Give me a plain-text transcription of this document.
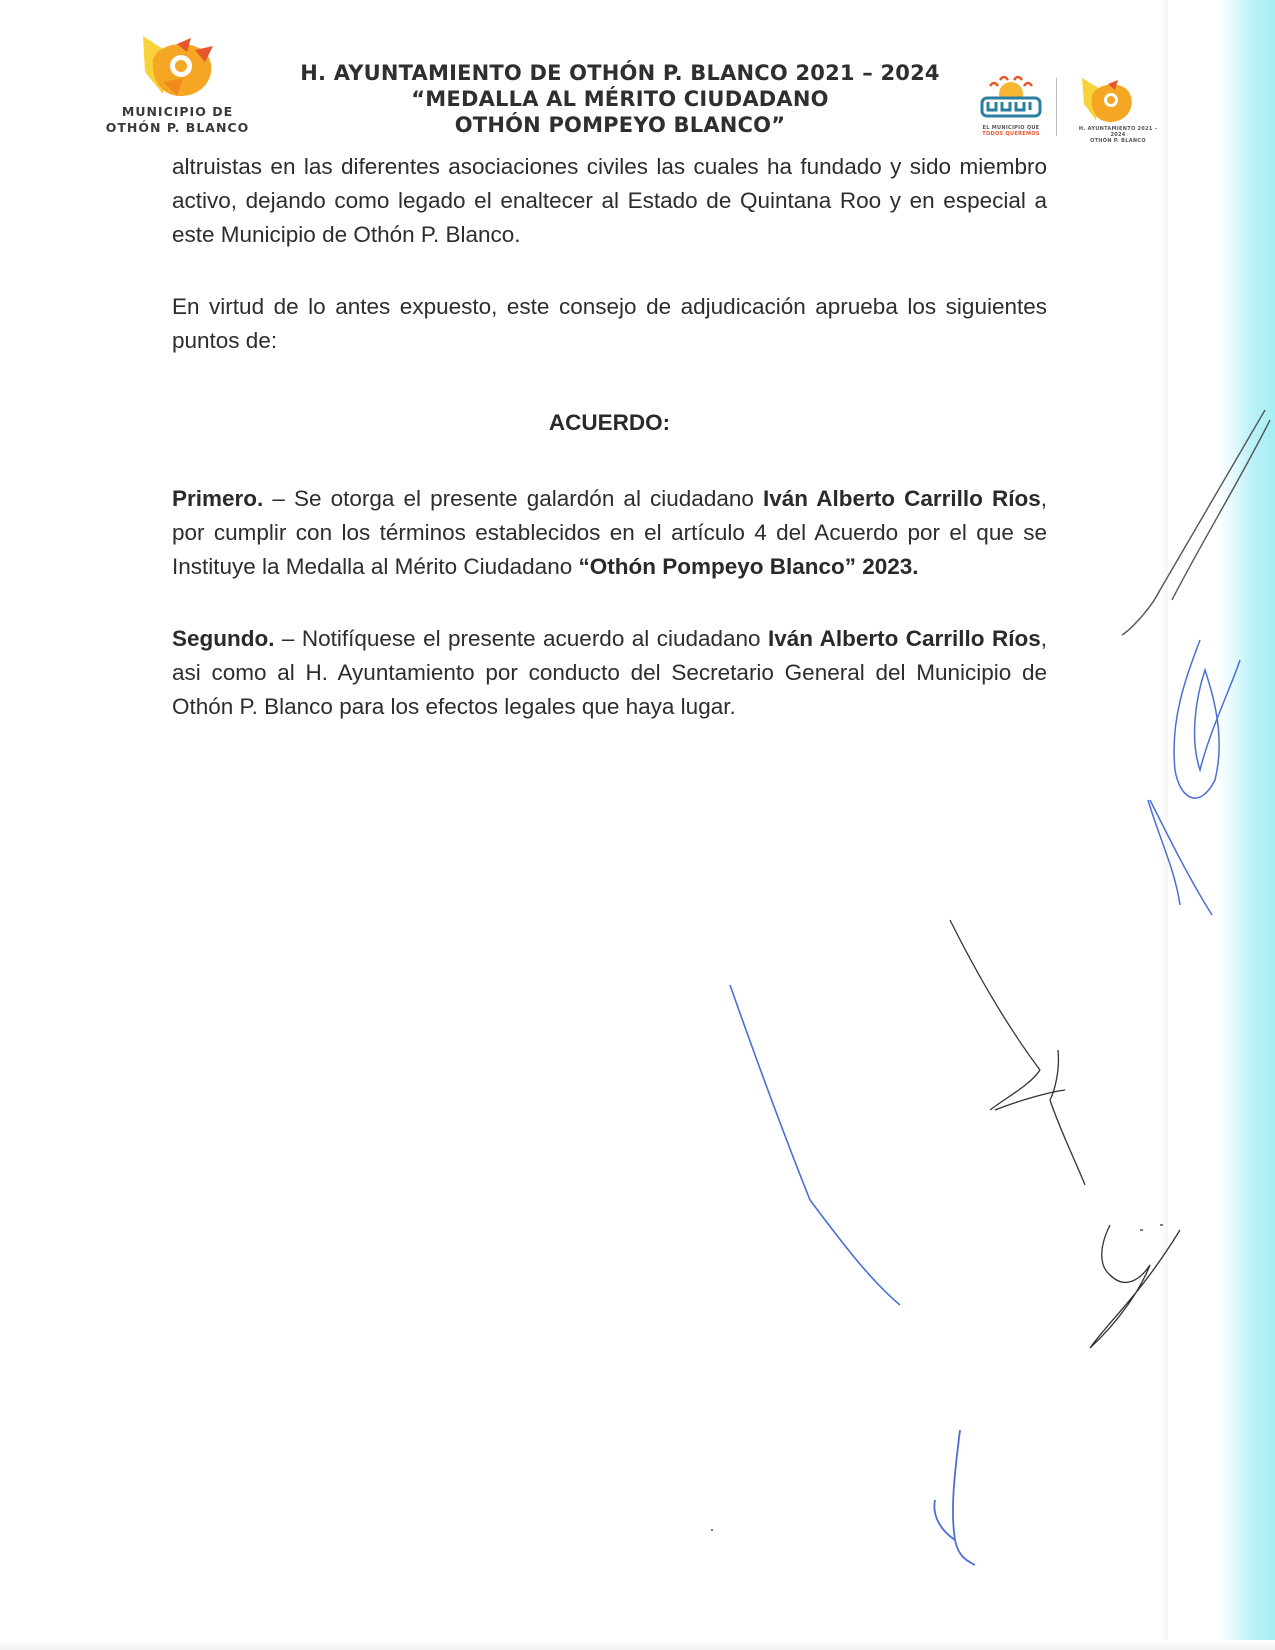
MUNICIPIO DE
OTHÓN P. BLANCO
H. AYUNTAMIENTO DE OTHÓN P. BLANCO 2021 – 2024
“MEDALLA AL MÉRITO CIUDADANO
OTHÓN POMPEYO BLANCO”	EL MUNICIPIO QUE
TODOS QUEREMOS
H. AYUNTAMIENTO 2021 - 2024
OTHÓN P. BLANCO

altruistas en las diferentes asociaciones civiles las cuales ha fundado y sido miembro activo, dejando como legado el enaltecer al Estado de Quintana Roo y en especial a este Municipio de Othón P. Blanco.

En virtud de lo antes expuesto, este consejo de adjudicación aprueba los siguientes puntos de:

ACUERDO:

Primero. – Se otorga el presente galardón al ciudadano Iván Alberto Carrillo Ríos, por cumplir con los términos establecidos en el artículo 4 del Acuerdo por el que se Instituye la Medalla al Mérito Ciudadano “Othón Pompeyo Blanco” 2023.

Segundo. – Notifíquese el presente acuerdo al ciudadano Iván Alberto Carrillo Ríos, asi como al H. Ayuntamiento por conducto del Secretario General del Municipio de Othón P. Blanco para los efectos legales que haya lugar.
